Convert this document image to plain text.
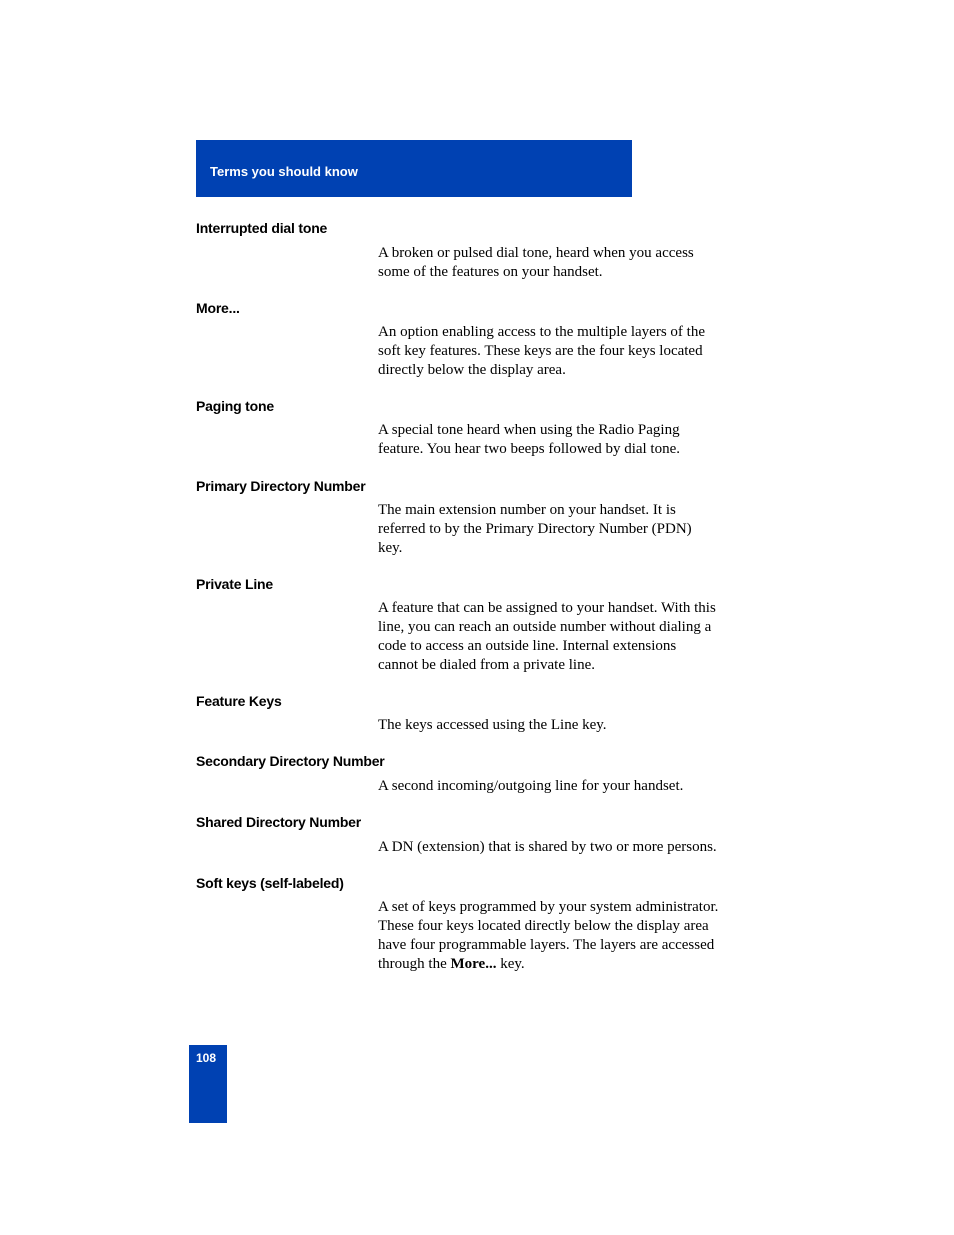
Terms you should know
Interrupted dial tone
A broken or pulsed dial tone, heard when you access
some of the features on your handset.
More...
An option enabling access to the multiple layers of the
soft key features. These keys are the four keys located
directly below the display area.
Paging tone
A special tone heard when using the Radio Paging
feature. You hear two beeps followed by dial tone.
Primary Directory Number
The main extension number on your handset. It is
referred to by the Primary Directory Number (PDN)
key.
Private Line
A feature that can be assigned to your handset. With this
line, you can reach an outside number without dialing a
code to access an outside line. Internal extensions
cannot be dialed from a private line.
Feature Keys
The keys accessed using the Line key.
Secondary Directory Number
A second incoming/outgoing line for your handset.
Shared Directory Number
A DN (extension) that is shared by two or more persons.
Soft keys (self-labeled)
A set of keys programmed by your system administrator.
These four keys located directly below the display area
have four programmable layers. The layers are accessed
through the More... key.
108
